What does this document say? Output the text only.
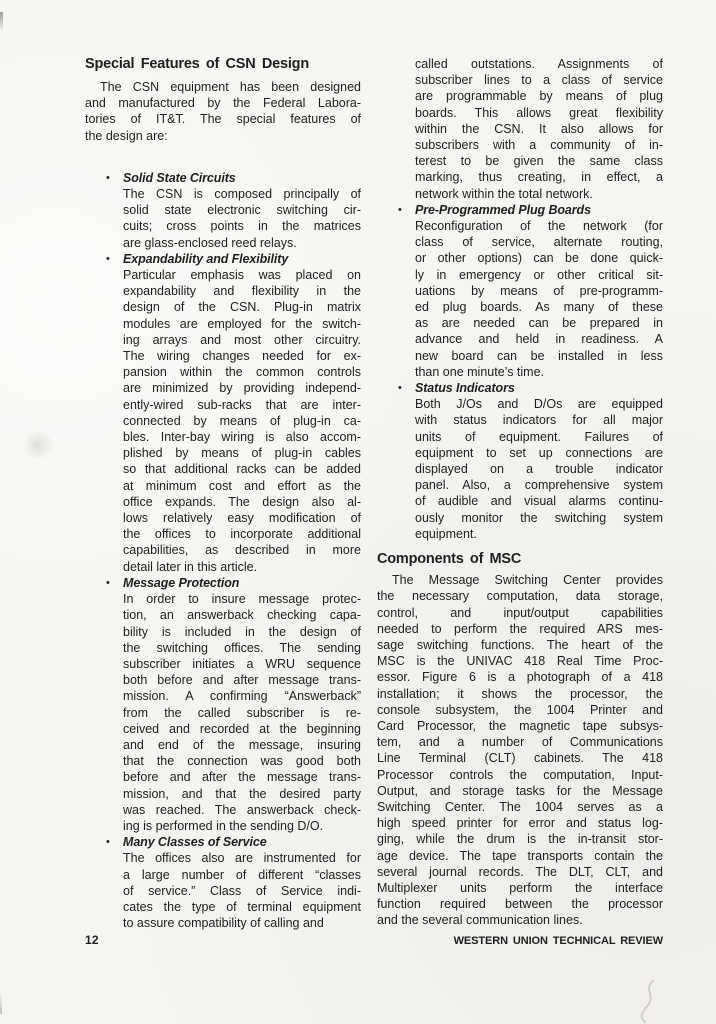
Special Features of CSN Design
The CSN equipment has been designed
and manufactured by the Federal Labora-
tories of IT&T. The special features of
the design are:
•	Solid State Circuits
The CSN is composed principally of
solid state electronic switching cir-
cuits; cross points in the matrices
are glass-enclosed reed relays.
•	Expandability and Flexibility
Particular emphasis was placed on
expandability and flexibility in the
design of the CSN. Plug-in matrix
modules are employed for the switch-
ing arrays and most other circuitry.
The wiring changes needed for ex-
pansion within the common controls
are minimized by providing independ-
ently-wired sub-racks that are inter-
connected by means of plug-in ca-
bles. Inter-bay wiring is also accom-
plished by means of plug-in cables
so that additional racks can be added
at minimum cost and effort as the
office expands. The design also al-
lows relatively easy modification of
the offices to incorporate additional
capabilities, as described in more
detail later in this article.
•	Message Protection
In order to insure message protec-
tion, an answerback checking capa-
bility is included in the design of
the switching offices. The sending
subscriber initiates a WRU sequence
both before and after message trans-
mission. A confirming “Answerback”
from the called subscriber is re-
ceived and recorded at the beginning
and end of the message, insuring
that the connection was good both
before and after the message trans-
mission, and that the desired party
was reached. The answerback check-
ing is performed in the sending D/O.
•	Many Classes of Service
The offices also are instrumented for
a large number of different “classes
of service.” Class of Service indi-
cates the type of terminal equipment
to assure compatibility of calling and
called outstations. Assignments of
subscriber lines to a class of service
are programmable by means of plug
boards. This allows great flexibility
within the CSN. It also allows for
subscribers with a community of in-
terest to be given the same class
marking, thus creating, in effect, a
network within the total network.
•	Pre-Programmed Plug Boards
Reconfiguration of the network (for
class of service, alternate routing,
or other options) can be done quick-
ly in emergency or other critical sit-
uations by means of pre-programm-
ed plug boards. As many of these
as are needed can be prepared in
advance and held in readiness. A
new board can be installed in less
than one minute’s time.
•	Status Indicators
Both J/Os and D/Os are equipped
with status indicators for all major
units of equipment. Failures of
equipment to set up connections are
displayed on a trouble indicator
panel. Also, a comprehensive system
of audible and visual alarms continu-
ously monitor the switching system
equipment.
Components of MSC
The Message Switching Center provides
the necessary computation, data storage,
control, and input/output capabilities
needed to perform the required ARS mes-
sage switching functions. The heart of the
MSC is the UNIVAC 418 Real Time Proc-
essor. Figure 6 is a photograph of a 418
installation; it shows the processor, the
console subsystem, the 1004 Printer and
Card Processor, the magnetic tape subsys-
tem, and a number of Communications
Line Terminal (CLT) cabinets. The 418
Processor controls the computation, Input-
Output, and storage tasks for the Message
Switching Center. The 1004 serves as a
high speed printer for error and status log-
ging, while the drum is the in-transit stor-
age device. The tape transports contain the
several journal records. The DLT, CLT, and
Multiplexer units perform the interface
function required between the processor
and the several communication lines.
12	WESTERN UNION TECHNICAL REVIEW
